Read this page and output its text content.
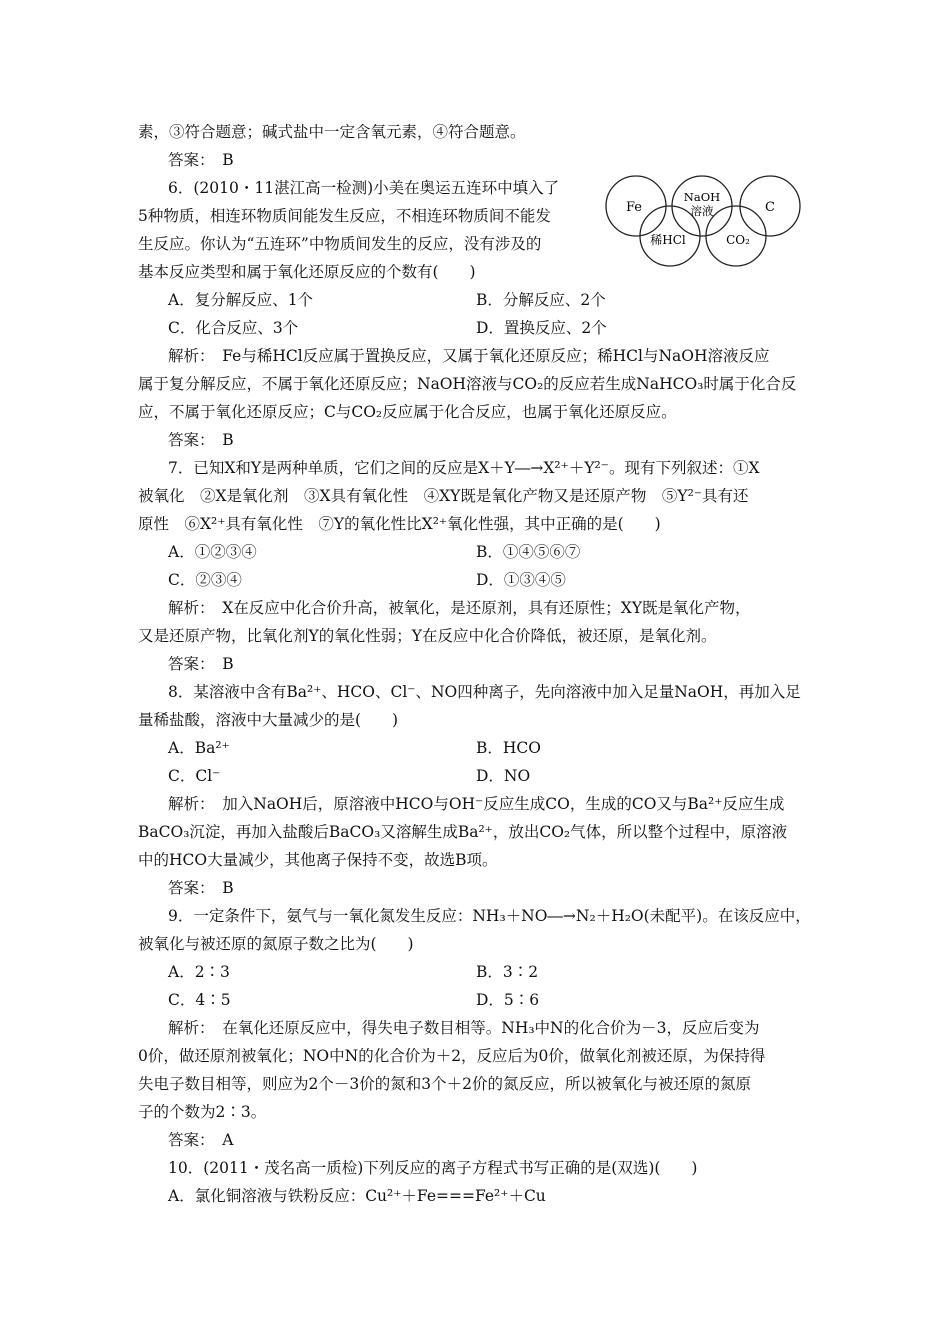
素，③符合题意；碱式盐中一定含氧元素，④符合题意。
答案：　B
6．(2010・11湛江高一检测)小美在奥运五连环中填入了
5种物质，相连环物质间能发生反应，不相连环物质间不能发
生反应。你认为“五连环”中物质间发生的反应，没有涉及的
基本反应类型和属于氧化还原反应的个数有(　　)
Fe
NaOH
溶液	C
稀HCl	CO₂
A．复分解反应、1个	B．分解反应、2个
C．化合反应、3个	D．置换反应、2个
解析：　Fe与稀HCl反应属于置换反应，又属于氧化还原反应；稀HCl与NaOH溶液反应
属于复分解反应，不属于氧化还原反应；NaOH溶液与CO₂的反应若生成NaHCO₃时属于化合反
应，不属于氧化还原反应；C与CO₂反应属于化合反应，也属于氧化还原反应。
答案：　B
7．已知X和Y是两种单质，它们之间的反应是X＋Y―→X²⁺＋Y²⁻。现有下列叙述：①X
被氧化　②X是氧化剂　③X具有氧化性　④XY既是氧化产物又是还原产物　⑤Y²⁻具有还
原性　⑥X²⁺具有氧化性　⑦Y的氧化性比X²⁺氧化性强，其中正确的是(　　)
A．①②③④	B．①④⑤⑥⑦
C．②③④	D．①③④⑤
解析：　X在反应中化合价升高，被氧化，是还原剂，具有还原性；XY既是氧化产物，
又是还原产物，比氧化剂Y的氧化性弱；Y在反应中化合价降低，被还原，是氧化剂。
答案：　B
8．某溶液中含有Ba²⁺、HCO、Cl⁻、NO四种离子，先向溶液中加入足量NaOH，再加入足
量稀盐酸，溶液中大量减少的是(　　)
A．Ba²⁺	B．HCO
C．Cl⁻	D．NO
解析：　加入NaOH后，原溶液中HCO与OH⁻反应生成CO，生成的CO又与Ba²⁺反应生成
BaCO₃沉淀，再加入盐酸后BaCO₃又溶解生成Ba²⁺，放出CO₂气体，所以整个过程中，原溶液
中的HCO大量减少，其他离子保持不变，故选B项。
答案：　B
9．一定条件下，氨气与一氧化氮发生反应：NH₃＋NO―→N₂＋H₂O(未配平)。在该反应中，
被氧化与被还原的氮原子数之比为(　　)
A．2∶3	B．3∶2
C．4∶5	D．5∶6
解析：　在氧化还原反应中，得失电子数目相等。NH₃中N的化合价为－3，反应后变为
0价，做还原剂被氧化；NO中N的化合价为＋2，反应后为0价，做氧化剂被还原，为保持得
失电子数目相等，则应为2个－3价的氮和3个＋2价的氮反应，所以被氧化与被还原的氮原
子的个数为2∶3。
答案：　A
10．(2011・茂名高一质检)下列反应的离子方程式书写正确的是(双选)(　　)
A．氯化铜溶液与铁粉反应：Cu²⁺＋Fe===Fe²⁺＋Cu
